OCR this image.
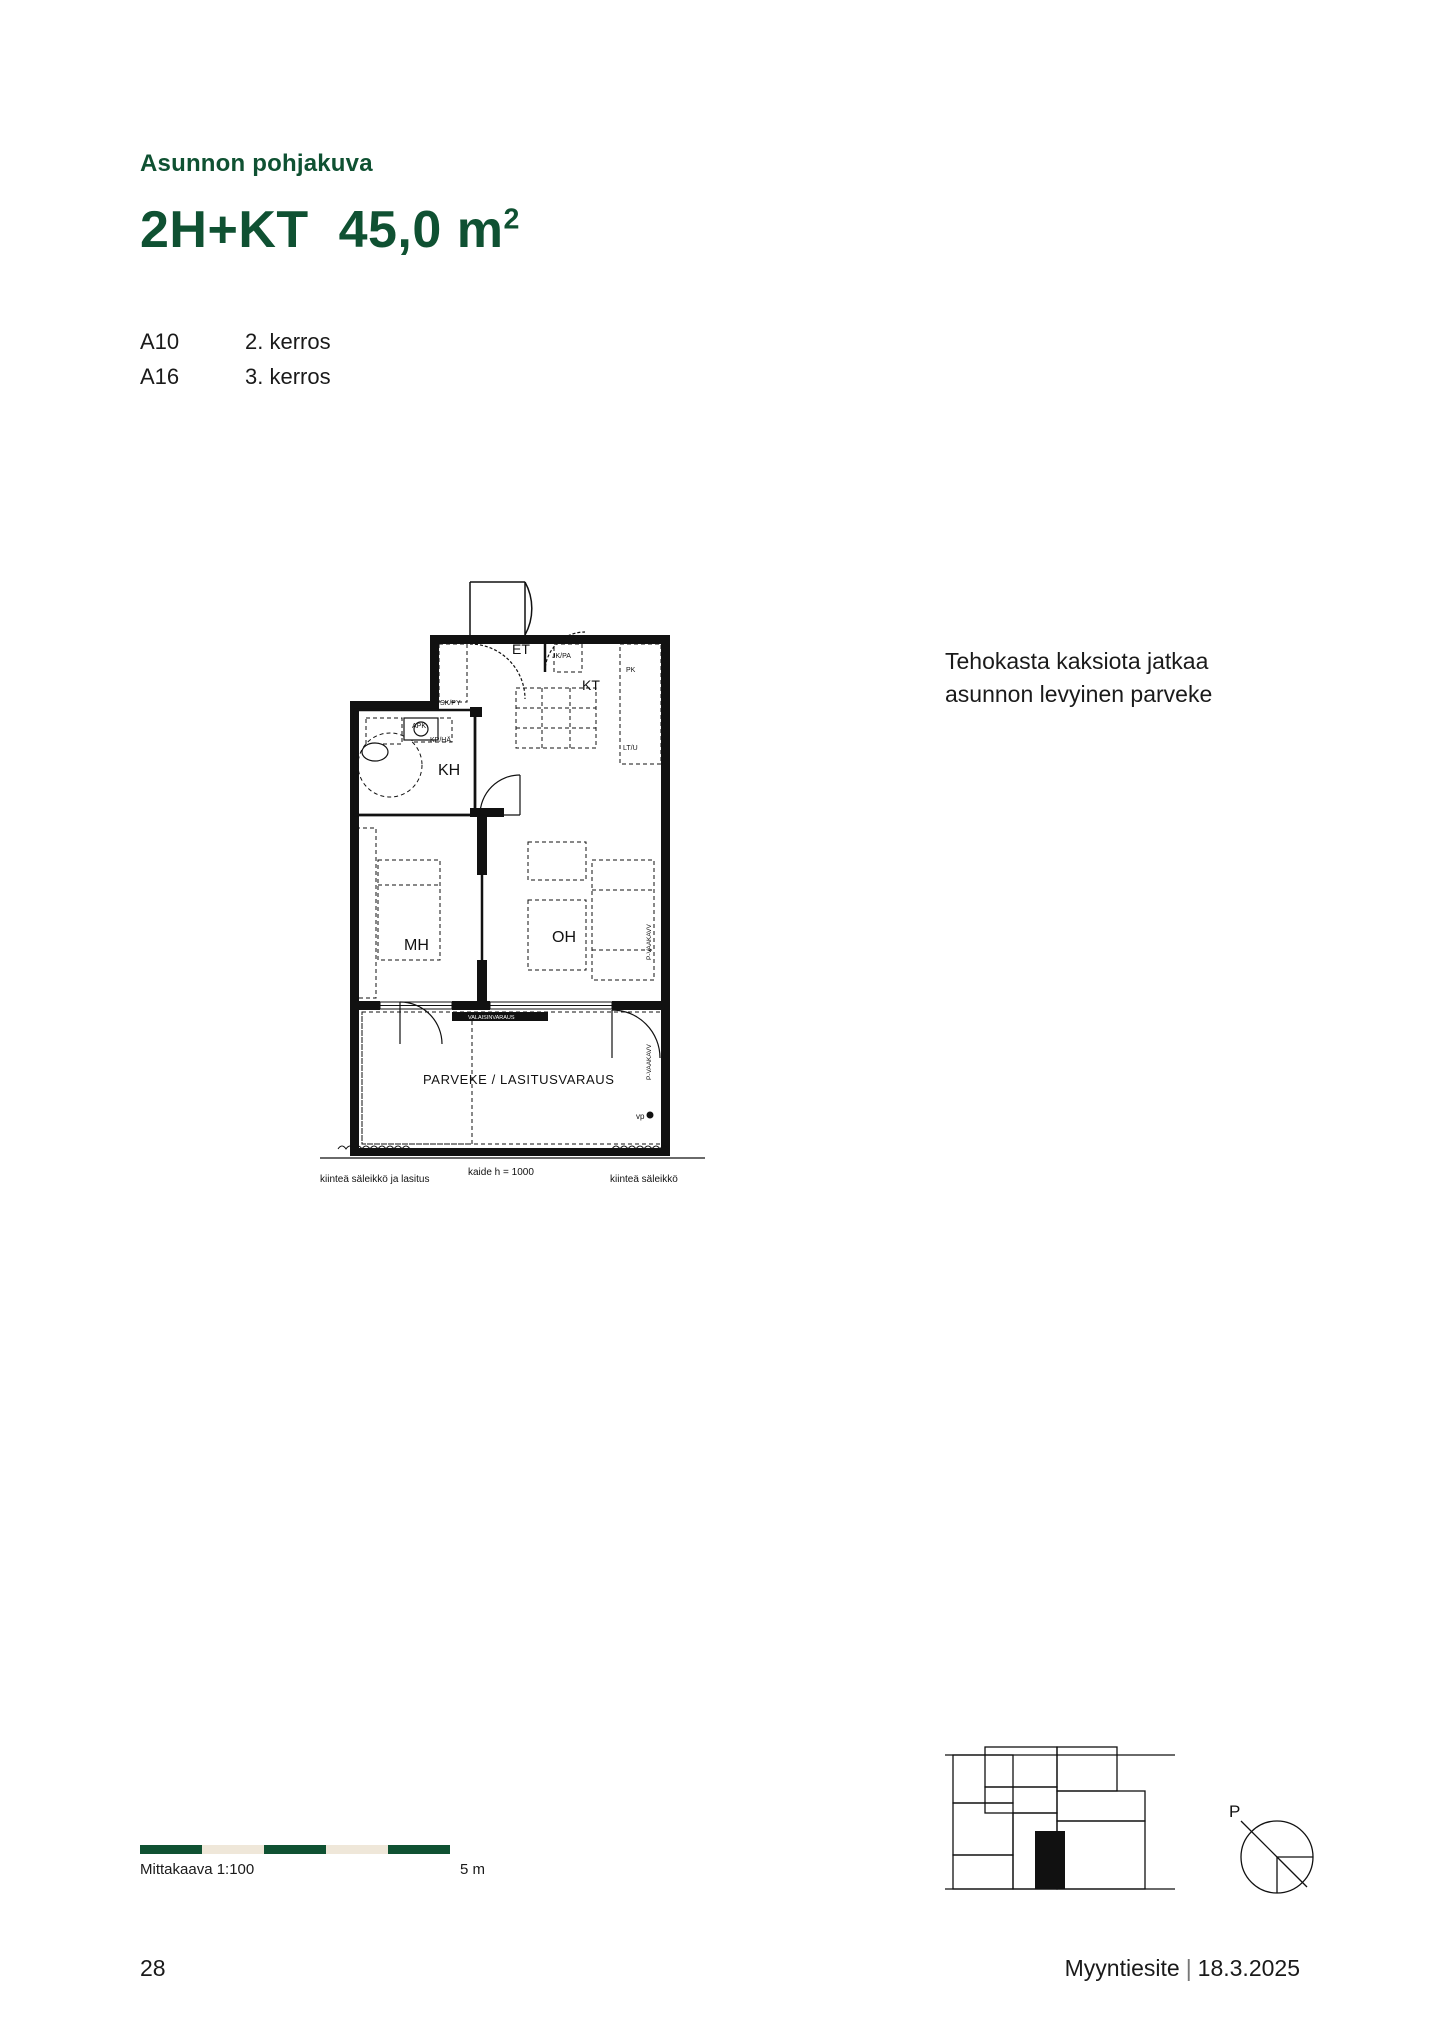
Asunnon pohjakuva
2H+KT 45,0 $m^2$
A10	2. kerros
A16	3. kerros
Tehokasta kaksiota jatkaa asunnon levyinen parveke
ET
KT
KH
MH	OH
PARVEKE / LASITUSVARAUS
SK/PY
JK/PA
APK
KP/HÄ
LT/U
PK
VALAISINVARAUS
P-VAAKAVV
P-VAAKAVV
vp
kiinteä säleikkö ja lasitus
kaide h = 1000
kiinteä säleikkö
Mittakaava 1:100	5 m
P
28	Myyntiesite | 18.3.2025
